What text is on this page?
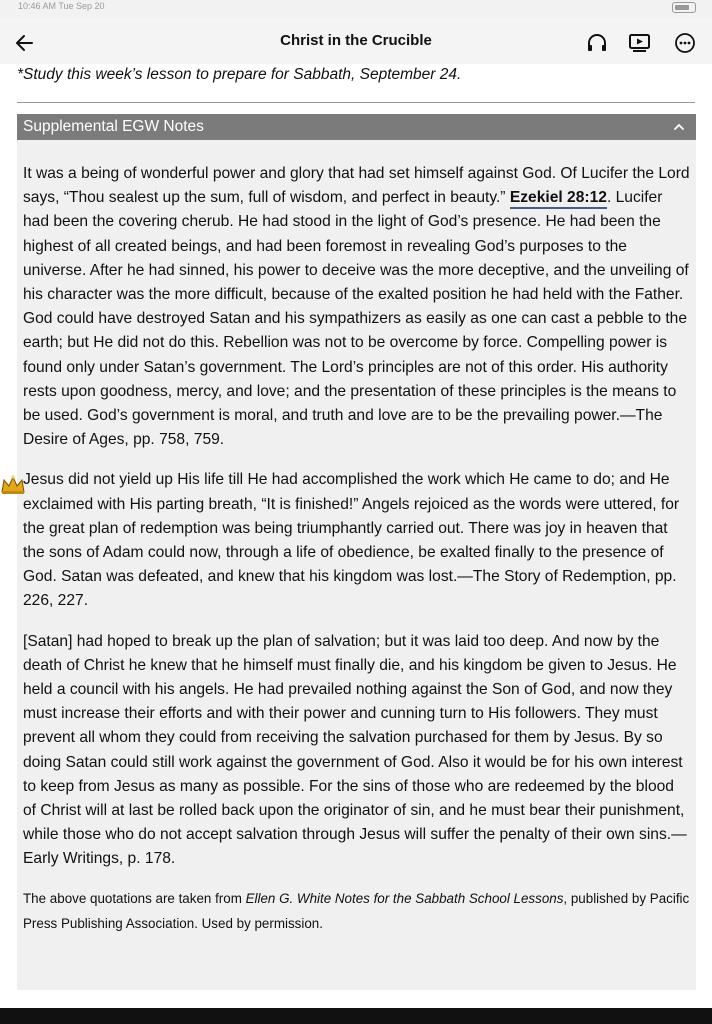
10:46 AM Tue Sep 20
Christ in the Crucible
*Study this week’s lesson to prepare for Sabbath, September 24.
Supplemental EGW Notes

It was a being of wonderful power and glory that had set himself against God. Of Lucifer the Lord says, “Thou sealest up the sum, full of wisdom, and perfect in beauty.” Ezekiel 28:12. Lucifer had been the covering cherub. He had stood in the light of God’s presence. He had been the highest of all created beings, and had been foremost in revealing God’s purposes to the universe. After he had sinned, his power to deceive was the more deceptive, and the unveiling of his character was the more difficult, because of the exalted position he had held with the Father.

God could have destroyed Satan and his sympathizers as easily as one can cast a pebble to the earth; but He did not do this. Rebellion was not to be overcome by force. Compelling power is found only under Satan’s government. The Lord’s principles are not of this order. His authority rests upon goodness, mercy, and love; and the presentation of these principles is the means to be used. God’s government is moral, and truth and love are to be the prevailing power.—The Desire of Ages, pp. 758, 759.

Jesus did not yield up His life till He had accomplished the work which He came to do; and He exclaimed with His parting breath, “It is finished!” Angels rejoiced as the words were uttered, for the great plan of redemption was being triumphantly carried out. There was joy in heaven that the sons of Adam could now, through a life of obedience, be exalted finally to the presence of God. Satan was defeated, and knew that his kingdom was lost.—The Story of Redemption, pp. 226, 227.

[Satan] had hoped to break up the plan of salvation; but it was laid too deep. And now by the death of Christ he knew that he himself must finally die, and his kingdom be given to Jesus. He held a council with his angels. He had prevailed nothing against the Son of God, and now they must increase their efforts and with their power and cunning turn to His followers. They must prevent all whom they could from receiving the salvation purchased for them by Jesus. By so doing Satan could still work against the government of God. Also it would be for his own interest to keep from Jesus as many as possible. For the sins of those who are redeemed by the blood of Christ will at last be rolled back upon the originator of sin, and he must bear their punishment, while those who do not accept salvation through Jesus will suffer the penalty of their own sins.—Early Writings, p. 178.

The above quotations are taken from Ellen G. White Notes for the Sabbath School Lessons, published by Pacific Press Publishing Association. Used by permission.
